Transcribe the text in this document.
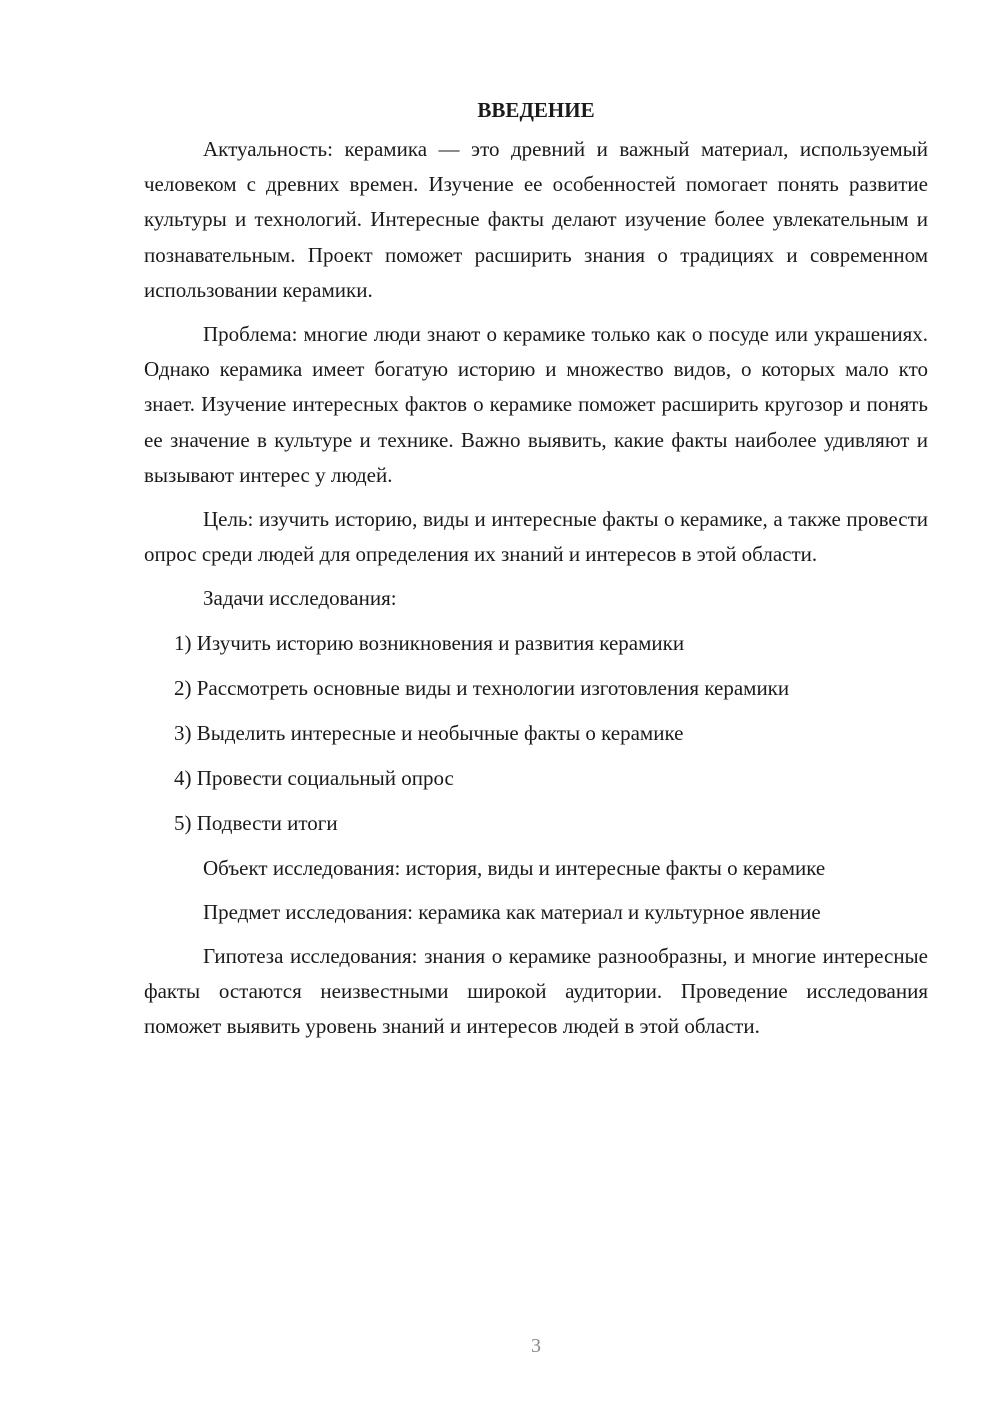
ВВЕДЕНИЕ

Актуальность: керамика — это древний и важный материал, используемый человеком с древних времен. Изучение ее особенностей помогает понять развитие культуры и технологий. Интересные факты делают изучение более увлекательным и познавательным. Проект поможет расширить знания о традициях и современном использовании керамики.

Проблема: многие люди знают о керамике только как о посуде или украшениях. Однако керамика имеет богатую историю и множество видов, о которых мало кто знает. Изучение интересных фактов о керамике поможет расширить кругозор и понять ее значение в культуре и технике. Важно выявить, какие факты наиболее удивляют и вызывают интерес у людей.

Цель: изучить историю, виды и интересные факты о керамике, а также провести опрос среди людей для определения их знаний и интересов в этой области.

Задачи исследования:

1) Изучить историю возникновения и развития керамики

2) Рассмотреть основные виды и технологии изготовления керамики

3) Выделить интересные и необычные факты о керамике

4) Провести социальный опрос

5) Подвести итоги

Объект исследования: история, виды и интересные факты о керамике

Предмет исследования: керамика как материал и культурное явление

Гипотеза исследования: знания о керамике разнообразны, и многие интересные факты остаются неизвестными широкой аудитории. Проведение исследования поможет выявить уровень знаний и интересов людей в этой области.

3
